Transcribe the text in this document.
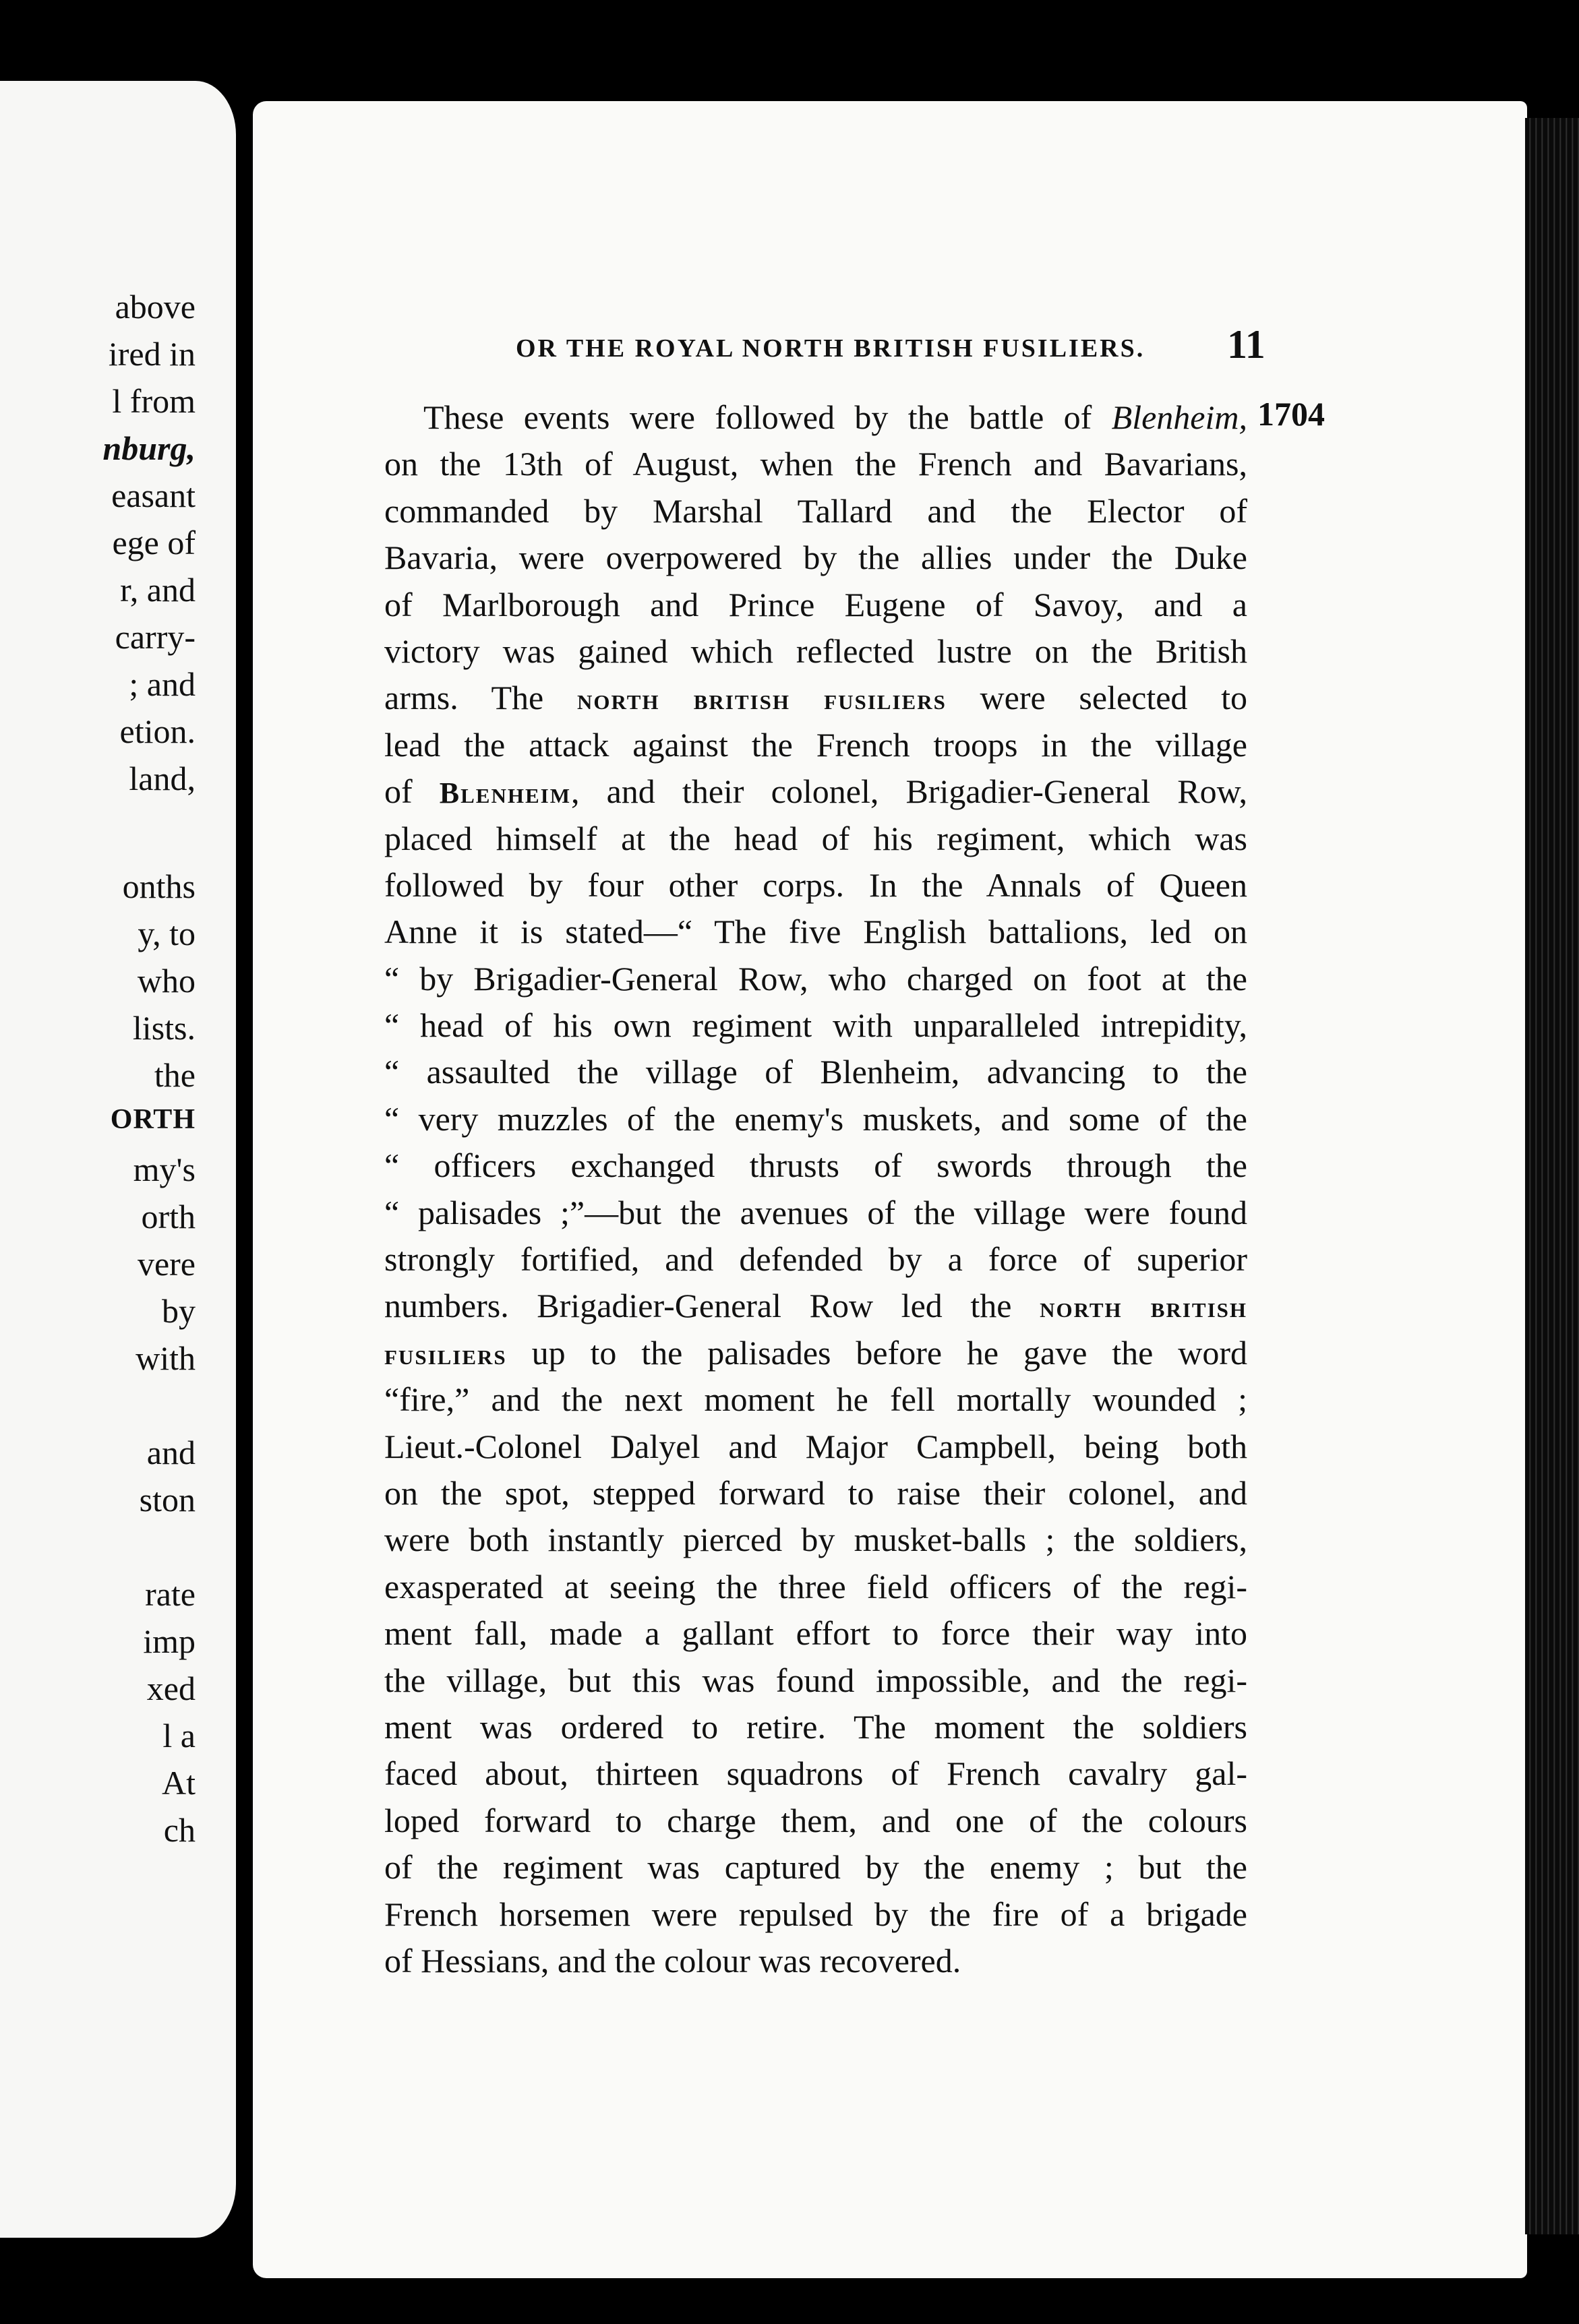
above
ired in
l from
nburg,
easant
ege of
r, and
carry-
; and
etion.
land,
onths
y, to
who
lists.
the
ORTH
my's
orth
vere
by
with
and
ston
rate
imp
xed
l a
At
ch
OR THE ROYAL NORTH BRITISH FUSILIERS. 11
1704
These events were followed by the battle of Blenheim,
on the 13th of August, when the French and Bavarians,
commanded by Marshal Tallard and the Elector of
Bavaria, were overpowered by the allies under the Duke
of Marlborough and Prince Eugene of Savoy, and a
victory was gained which reflected lustre on the British
arms. The north british fusiliers were selected to
lead the attack against the French troops in the village
of Blenheim, and their colonel, Brigadier-General Row,
placed himself at the head of his regiment, which was
followed by four other corps. In the Annals of Queen
Anne it is stated—“ The five English battalions, led on
“ by Brigadier-General Row, who charged on foot at the
“ head of his own regiment with unparalleled intrepidity,
“ assaulted the village of Blenheim, advancing to the
“ very muzzles of the enemy's muskets, and some of the
“ officers exchanged thrusts of swords through the
“ palisades ;”—but the avenues of the village were found
strongly fortified, and defended by a force of superior
numbers. Brigadier-General Row led the north british
fusiliers up to the palisades before he gave the word
“fire,” and the next moment he fell mortally wounded ;
Lieut.-Colonel Dalyel and Major Campbell, being both
on the spot, stepped forward to raise their colonel, and
were both instantly pierced by musket-balls ; the soldiers,
exasperated at seeing the three field officers of the regi-
ment fall, made a gallant effort to force their way into
the village, but this was found impossible, and the regi-
ment was ordered to retire. The moment the soldiers
faced about, thirteen squadrons of French cavalry gal-
loped forward to charge them, and one of the colours
of the regiment was captured by the enemy ; but the
French horsemen were repulsed by the fire of a brigade
of Hessians, and the colour was recovered.
